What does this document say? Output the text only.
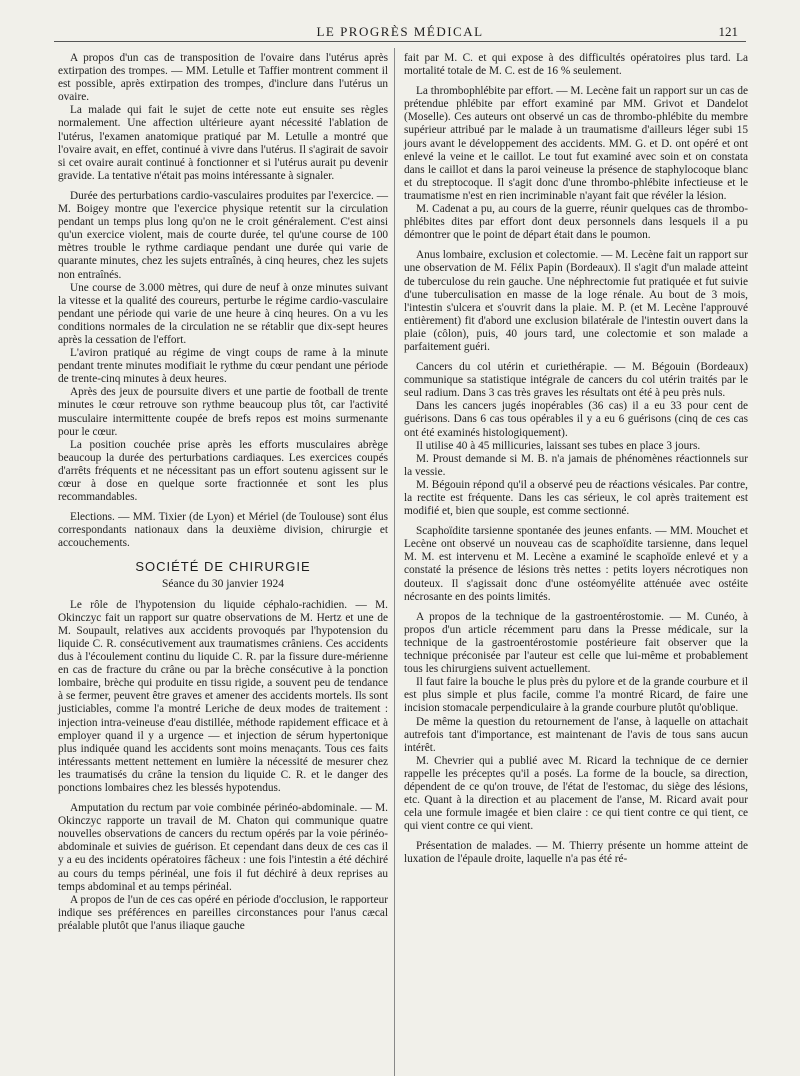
LE PROGRÈS MÉDICAL	121

A propos d'un cas de transposition de l'ovaire dans l'utérus après extirpation des trompes. — MM. Letulle et Taffier montrent comment il est possible, après extirpation des trompes, d'inclure dans l'utérus un ovaire.

La malade qui fait le sujet de cette note eut ensuite ses règles normalement. Une affection ultérieure ayant nécessité l'ablation de l'utérus, l'examen anatomique pratiqué par M. Letulle a montré que l'ovaire avait, en effet, continué à vivre dans l'utérus. Il s'agirait de savoir si cet ovaire aurait continué à fonctionner et si l'utérus aurait pu devenir gravide. La tentative n'était pas moins intéressante à signaler.

Durée des perturbations cardio-vasculaires produites par l'exercice. — M. Boigey montre que l'exercice physique retentit sur la circulation pendant un temps plus long qu'on ne le croit généralement. C'est ainsi qu'un exercice violent, mais de courte durée, tel qu'une course de 100 mètres trouble le rythme cardiaque pendant une durée qui varie de quarante minutes, chez les sujets entraînés, à cinq heures, chez les sujets non entraînés.

Une course de 3.000 mètres, qui dure de neuf à onze minutes suivant la vitesse et la qualité des coureurs, perturbe le régime cardio-vasculaire pendant une période qui varie de une heure à cinq heures. On a vu les conditions normales de la circulation ne se rétablir que dix-sept heures après la cessation de l'effort.

L'aviron pratiqué au régime de vingt coups de rame à la minute pendant trente minutes modifiait le rythme du cœur pendant une période de trente-cinq minutes à deux heures.

Après des jeux de poursuite divers et une partie de football de trente minutes le cœur retrouve son rythme beaucoup plus tôt, car l'activité musculaire intermittente coupée de brefs repos est moins surmenante pour le cœur.

La position couchée prise après les efforts musculaires abrège beaucoup la durée des perturbations cardiaques. Les exercices coupés d'arrêts fréquents et ne nécessitant pas un effort soutenu agissent sur le cœur à dose en quelque sorte fractionnée et sont les plus recommandables.

Elections. — MM. Tixier (de Lyon) et Mériel (de Toulouse) sont élus correspondants nationaux dans la deuxième division, chirurgie et accouchements.

SOCIÉTÉ DE CHIRURGIE
Séance du 30 janvier 1924

Le rôle de l'hypotension du liquide céphalo-rachidien. — M. Okinczyc fait un rapport sur quatre observations de M. Hertz et une de M. Soupault, relatives aux accidents provoqués par l'hypotension du liquide C. R. consécutivement aux traumatismes crâniens. Ces accidents dus à l'écoulement continu du liquide C. R. par la fissure dure-mérienne en cas de fracture du crâne ou par la brèche consécutive à la ponction lombaire, brèche qui produite en tissu rigide, a souvent peu de tendance à se fermer, peuvent être graves et amener des accidents mortels. Ils sont justiciables, comme l'a montré Leriche de deux modes de traitement : injection intra-veineuse d'eau distillée, méthode rapidement efficace et à employer quand il y a urgence — et injection de sérum hypertonique plus indiquée quand les accidents sont moins menaçants. Tous ces faits intéressants mettent nettement en lumière la nécessité de mesurer chez les traumatisés du crâne la tension du liquide C. R. et le danger des ponctions lombaires chez les blessés hypotendus.

Amputation du rectum par voie combinée périnéo-abdominale. — M. Okinczyc rapporte un travail de M. Chaton qui communique quatre nouvelles observations de cancers du rectum opérés par la voie périnéo-abdominale et suivies de guérison. Et cependant dans deux de ces cas il y a eu des incidents opératoires fâcheux : une fois l'intestin a été déchiré au cours du temps périnéal, une fois il fut déchiré à deux reprises au temps abdominal et au temps périnéal.

A propos de l'un de ces cas opéré en période d'occlusion, le rapporteur indique ses préférences en pareilles circonstances pour l'anus cæcal préalable plutôt que l'anus iliaque gauche

fait par M. C. et qui expose à des difficultés opératoires plus tard. La mortalité totale de M. C. est de 16 % seulement.

La thrombophlébite par effort. — M. Lecène fait un rapport sur un cas de prétendue phlébite par effort examiné par MM. Grivot et Dandelot (Moselle). Ces auteurs ont observé un cas de thrombo-phlébite du membre supérieur attribué par le malade à un traumatisme d'ailleurs léger subi 15 jours avant le développement des accidents. MM. G. et D. ont opéré et ont enlevé la veine et le caillot. Le tout fut examiné avec soin et on constata dans le caillot et dans la paroi veineuse la présence de staphylocoque blanc et du streptocoque. Il s'agit donc d'une thrombo-phlébite infectieuse et le traumatisme n'est en rien incriminable n'ayant fait que révéler la lésion.

M. Cadenat a pu, au cours de la guerre, réunir quelques cas de thrombo-phlébites dites par effort dont deux personnels dans lesquels il a pu démontrer que le point de départ était dans le poumon.

Anus lombaire, exclusion et colectomie. — M. Lecène fait un rapport sur une observation de M. Félix Papin (Bordeaux). Il s'agit d'un malade atteint de tuberculose du rein gauche. Une néphrectomie fut pratiquée et fut suivie d'une tuberculisation en masse de la loge rénale. Au bout de 3 mois, l'intestin s'ulcera et s'ouvrit dans la plaie. M. P. (et M. Lecène l'approuvé entièrement) fit d'abord une exclusion bilatérale de l'intestin ouvert dans la plaie (côlon), puis, 40 jours tard, une colectomie et son malade a parfaitement guéri.

Cancers du col utérin et curiethérapie. — M. Bégouin (Bordeaux) communique sa statistique intégrale de cancers du col utérin traités par le seul radium. Dans 3 cas très graves les résultats ont été à peu près nuls.

Dans les cancers jugés inopérables (36 cas) il a eu 33 pour cent de guérisons. Dans 6 cas tous opérables il y a eu 6 guérisons (cinq de ces cas ont été examinés histologiquement).

Il utilise 40 à 45 millicuries, laissant ses tubes en place 3 jours.

M. Proust demande si M. B. n'a jamais de phénomènes réactionnels sur la vessie.

M. Bégouin répond qu'il a observé peu de réactions vésicales. Par contre, la rectite est fréquente. Dans les cas sérieux, le col après traitement est modifié et, bien que souple, est comme sectionné.

Scaphoïdite tarsienne spontanée des jeunes enfants. — MM. Mouchet et Lecène ont observé un nouveau cas de scaphoïdite tarsienne, dans lequel M. M. est intervenu et M. Lecène a examiné le scaphoïde enlevé et y a constaté la présence de lésions très nettes : petits loyers nécrotiques non douteux. Il s'agissait donc d'une ostéomyélite atténuée avec ostéite nécrosante en des points limités.

A propos de la technique de la gastroentérostomie. — M. Cunéo, à propos d'un article récemment paru dans la Presse médicale, sur la technique de la gastroentérostomie postérieure fait observer que la technique préconisée par l'auteur est celle que lui-même et probablement tous les chirurgiens suivent actuellement.

Il faut faire la bouche le plus près du pylore et de la grande courbure et il est plus simple et plus facile, comme l'a montré Ricard, de faire une incision stomacale perpendiculaire à la grande courbure plutôt qu'oblique.

De même la question du retournement de l'anse, à laquelle on attachait autrefois tant d'importance, est maintenant de l'avis de tous sans aucun intérêt.

M. Chevrier qui a publié avec M. Ricard la technique de ce dernier rappelle les préceptes qu'il a posés. La forme de la boucle, sa direction, dépendent de ce qu'on trouve, de l'état de l'estomac, du siège des lésions, etc. Quant à la direction et au placement de l'anse, M. Ricard avait pour cela une formule imagée et bien claire : ce qui tient contre ce qui tient, ce qui vient contre ce qui vient.

Présentation de malades. — M. Thierry présente un homme atteint de luxation de l'épaule droite, laquelle n'a pas été ré-
